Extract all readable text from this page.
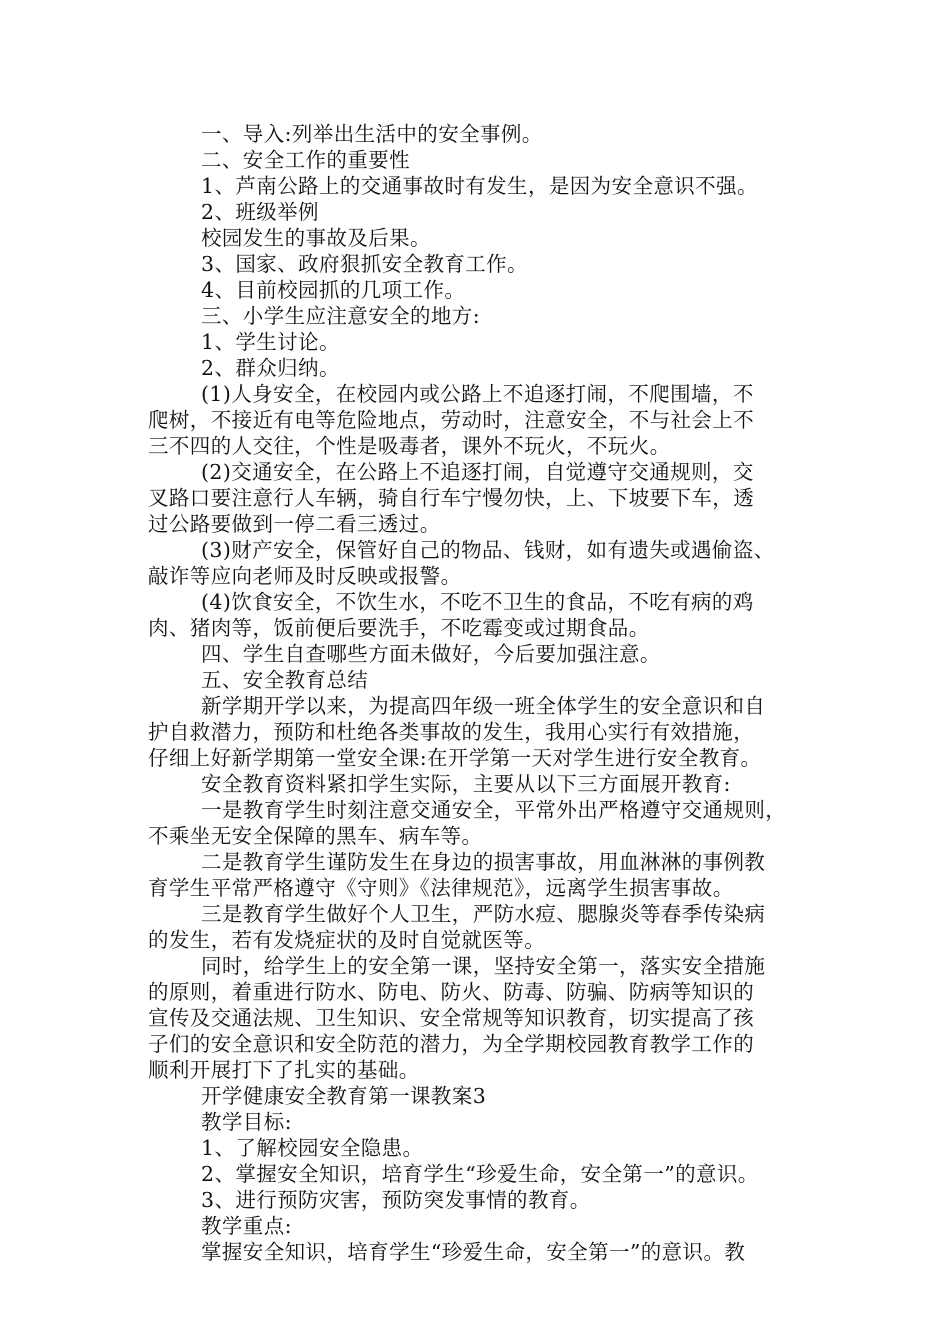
一、导入:列举出生活中的安全事例。
二、安全工作的重要性
1、芦南公路上的交通事故时有发生，是因为安全意识不强。
2、班级举例
校园发生的事故及后果。
3、国家、政府狠抓安全教育工作。
4、目前校园抓的几项工作。
三、小学生应注意安全的地方:
1、学生讨论。
2、群众归纳。
(1)人身安全，在校园内或公路上不追逐打闹，不爬围墙，不
爬树，不接近有电等危险地点，劳动时，注意安全，不与社会上不
三不四的人交往，个性是吸毒者，课外不玩火，不玩火。
(2)交通安全，在公路上不追逐打闹，自觉遵守交通规则，交
叉路口要注意行人车辆，骑自行车宁慢勿快，上、下坡要下车，透
过公路要做到一停二看三透过。
(3)财产安全，保管好自己的物品、钱财，如有遗失或遇偷盗、
敲诈等应向老师及时反映或报警。
(4)饮食安全，不饮生水，不吃不卫生的食品，不吃有病的鸡
肉、猪肉等，饭前便后要洗手，不吃霉变或过期食品。
四、学生自查哪些方面未做好，今后要加强注意。
五、安全教育总结
新学期开学以来，为提高四年级一班全体学生的安全意识和自
护自救潜力，预防和杜绝各类事故的发生，我用心实行有效措施，
仔细上好新学期第一堂安全课:在开学第一天对学生进行安全教育。
安全教育资料紧扣学生实际，主要从以下三方面展开教育:
一是教育学生时刻注意交通安全，平常外出严格遵守交通规则，
不乘坐无安全保障的黑车、病车等。
二是教育学生谨防发生在身边的损害事故，用血淋淋的事例教
育学生平常严格遵守《守则》《法律规范》，远离学生损害事故。
三是教育学生做好个人卫生，严防水痘、腮腺炎等春季传染病
的发生，若有发烧症状的及时自觉就医等。
同时，给学生上的安全第一课，坚持安全第一，落实安全措施
的原则，着重进行防水、防电、防火、防毒、防骗、防病等知识的
宣传及交通法规、卫生知识、安全常规等知识教育，切实提高了孩
子们的安全意识和安全防范的潜力，为全学期校园教育教学工作的
顺利开展打下了扎实的基础。
开学健康安全教育第一课教案3
教学目标:
1、了解校园安全隐患。
2、掌握安全知识，培育学生“珍爱生命，安全第一”的意识。
3、进行预防灾害，预防突发事情的教育。
教学重点:
掌握安全知识，培育学生“珍爱生命，安全第一”的意识。教
